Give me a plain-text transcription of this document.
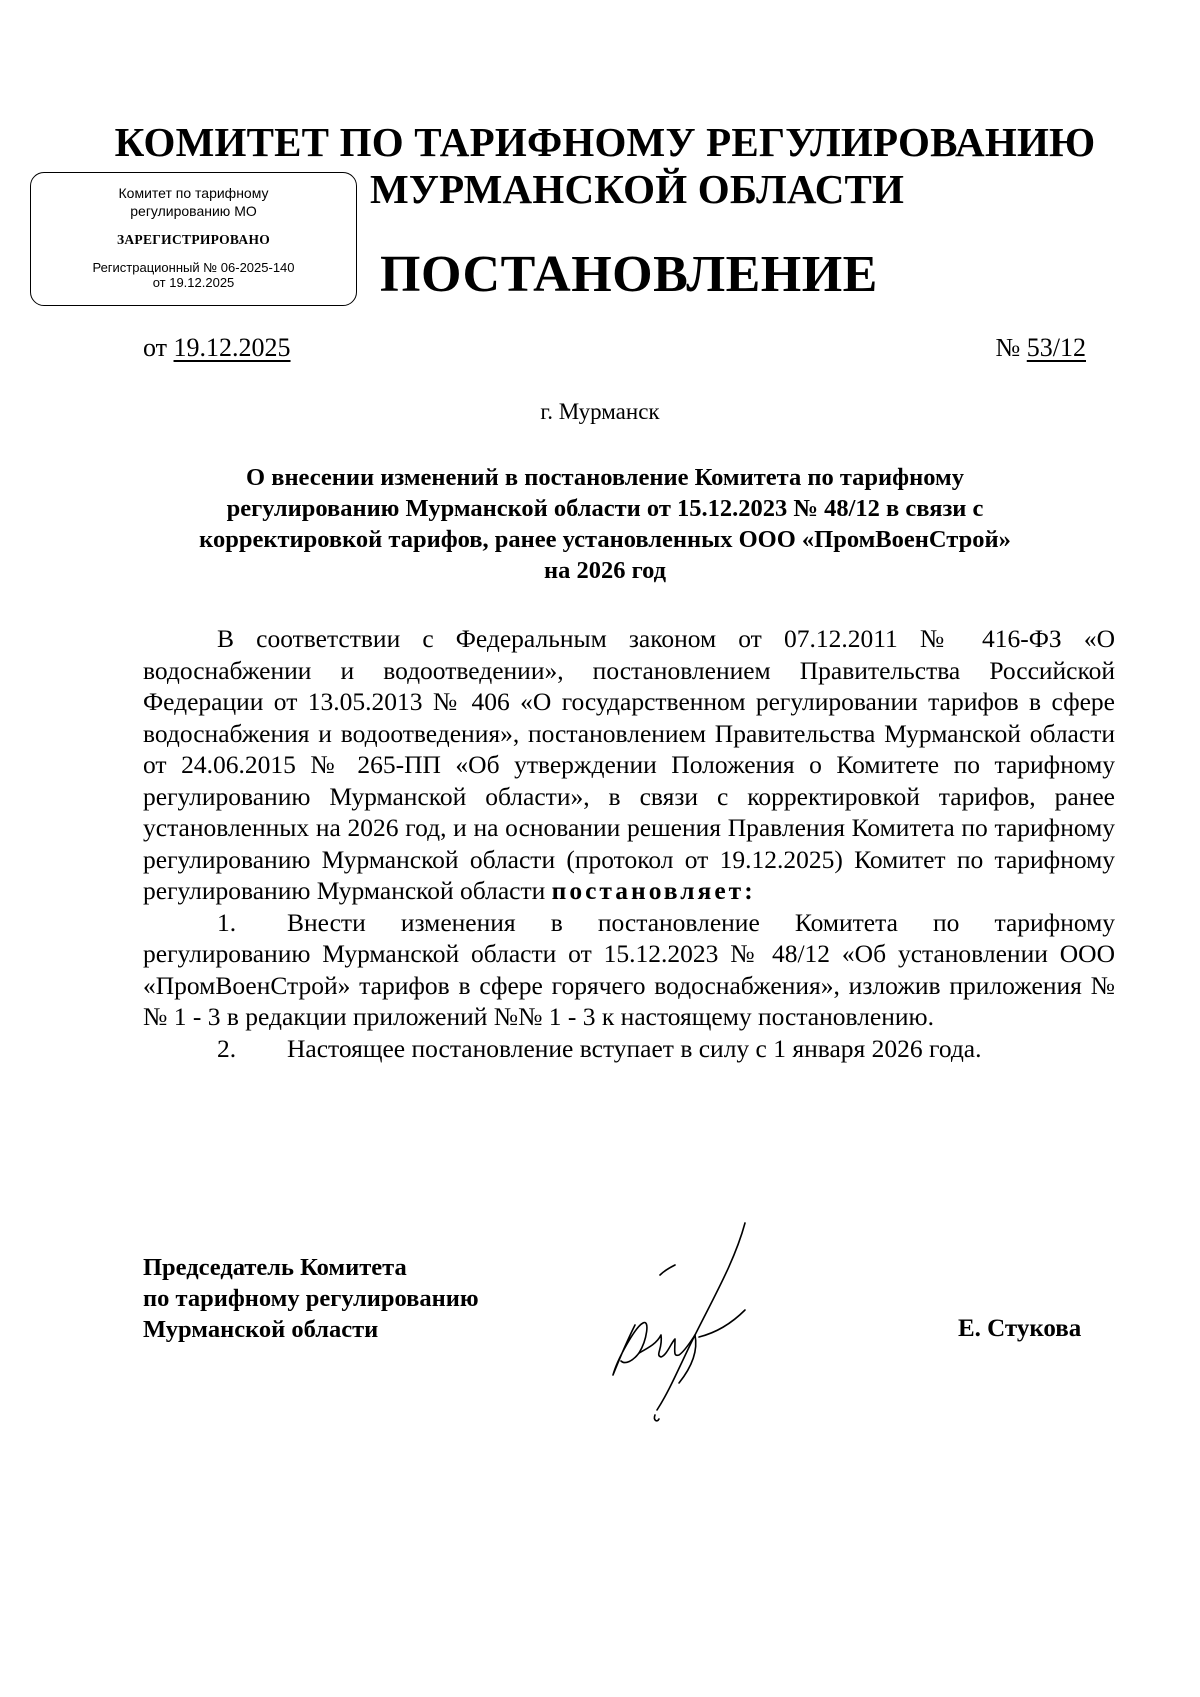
КОМИТЕТ ПО ТАРИФНОМУ РЕГУЛИРОВАНИЮ
МУРМАНСКОЙ ОБЛАСТИ
Комитет по тарифному
регулированию МО
ЗАРЕГИСТРИРОВАНО
Регистрационный № 06-2025-140
от 19.12.2025	ПОСТАНОВЛЕНИЕ
от 19.12.2025	№ 53/12
г. Мурманск
О внесении изменений в постановление Комитета по тарифному
регулированию Мурманской области от 15.12.2023 № 48/12 в связи с
корректировкой тарифов, ранее установленных ООО «ПромВоенСтрой»
на 2026 год

В соответствии с Федеральным законом от 07.12.2011 № 416-ФЗ «О водоснабжении и водоотведении», постановлением Правительства Российской Федерации от 13.05.2013 № 406 «О государственном регулировании тарифов в сфере водоснабжения и водоотведения», постановлением Правительства Мурманской области от 24.06.2015 № 265-ПП «Об утверждении Положения о Комитете по тарифному регулированию Мурманской области», в связи с корректировкой тарифов, ранее установленных на 2026 год, и на основании решения Правления Комитета по тарифному регулированию Мурманской области (протокол от 19.12.2025) Комитет по тарифному регулированию Мурманской области постановляет:

1. Внести изменения в постановление Комитета по тарифному регулированию Мурманской области от 15.12.2023 № 48/12 «Об установлении ООО «ПромВоенСтрой» тарифов в сфере горячего водоснабжения», изложив приложения №№ 1 - 3 в редакции приложений №№ 1 - 3 к настоящему постановлению.

2. Настоящее постановление вступает в силу с 1 января 2026 года.

Председатель Комитета
по тарифному регулированию
Мурманской области	Е. Стукова
